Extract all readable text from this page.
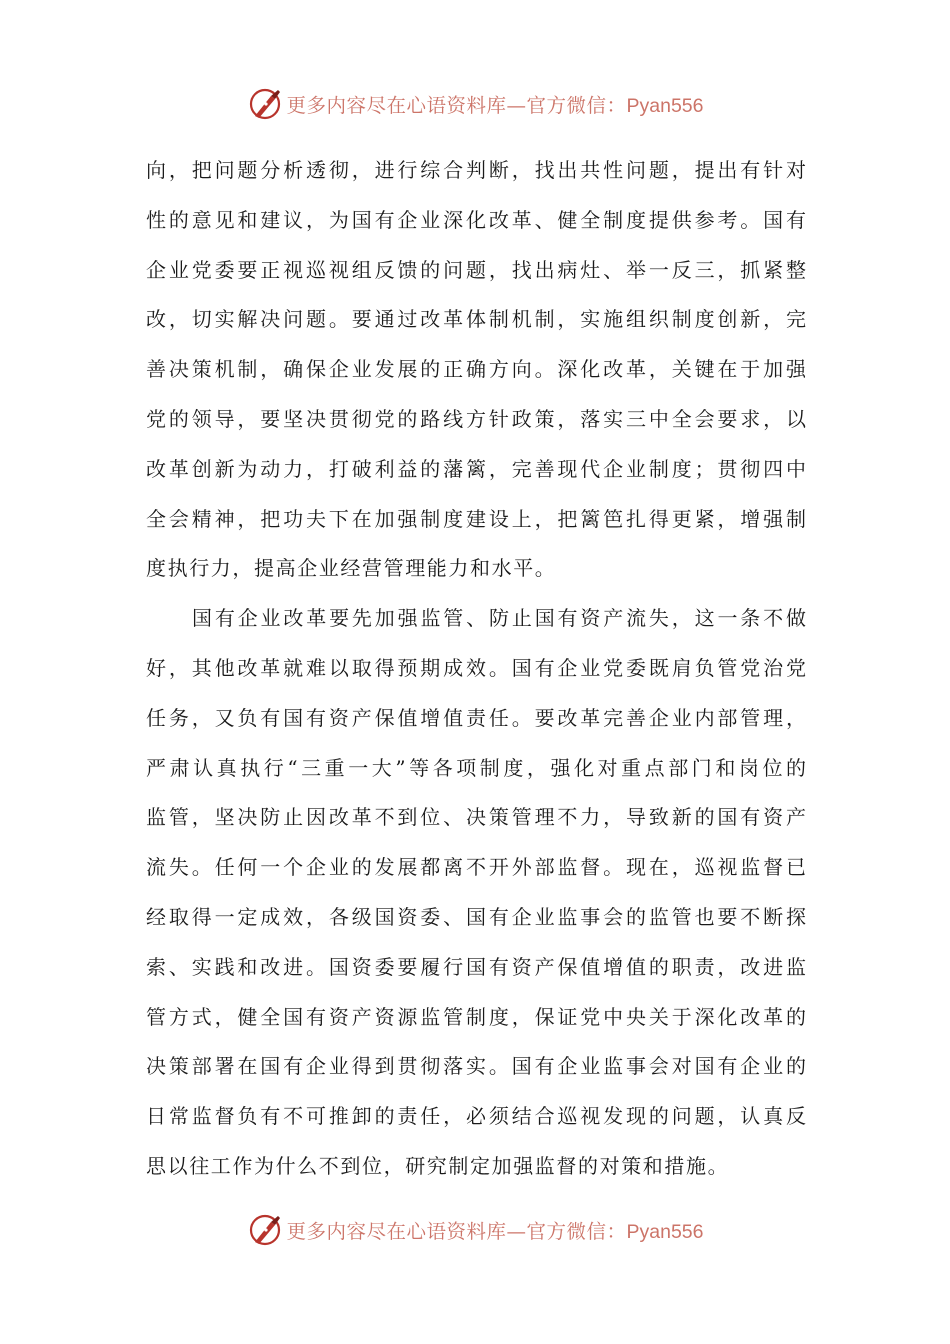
更多内容尽在心语资料库—官方微信：Pyan556
向，把问题分析透彻，进行综合判断，找出共性问题，提出有针对
性的意见和建议，为国有企业深化改革、健全制度提供参考。国有
企业党委要正视巡视组反馈的问题，找出病灶、举一反三，抓紧整
改，切实解决问题。要通过改革体制机制，实施组织制度创新，完
善决策机制，确保企业发展的正确方向。深化改革，关键在于加强
党的领导，要坚决贯彻党的路线方针政策，落实三中全会要求，以
改革创新为动力，打破利益的藩篱，完善现代企业制度；贯彻四中
全会精神，把功夫下在加强制度建设上，把篱笆扎得更紧，增强制
度执行力，提高企业经营管理能力和水平。
国有企业改革要先加强监管、防止国有资产流失，这一条不做
好，其他改革就难以取得预期成效。国有企业党委既肩负管党治党
任务，又负有国有资产保值增值责任。要改革完善企业内部管理，
严肃认真执行“三重一大”等各项制度，强化对重点部门和岗位的
监管，坚决防止因改革不到位、决策管理不力，导致新的国有资产
流失。任何一个企业的发展都离不开外部监督。现在，巡视监督已
经取得一定成效，各级国资委、国有企业监事会的监管也要不断探
索、实践和改进。国资委要履行国有资产保值增值的职责，改进监
管方式，健全国有资产资源监管制度，保证党中央关于深化改革的
决策部署在国有企业得到贯彻落实。国有企业监事会对国有企业的
日常监督负有不可推卸的责任，必须结合巡视发现的问题，认真反
思以往工作为什么不到位，研究制定加强监督的对策和措施。
更多内容尽在心语资料库—官方微信：Pyan556
